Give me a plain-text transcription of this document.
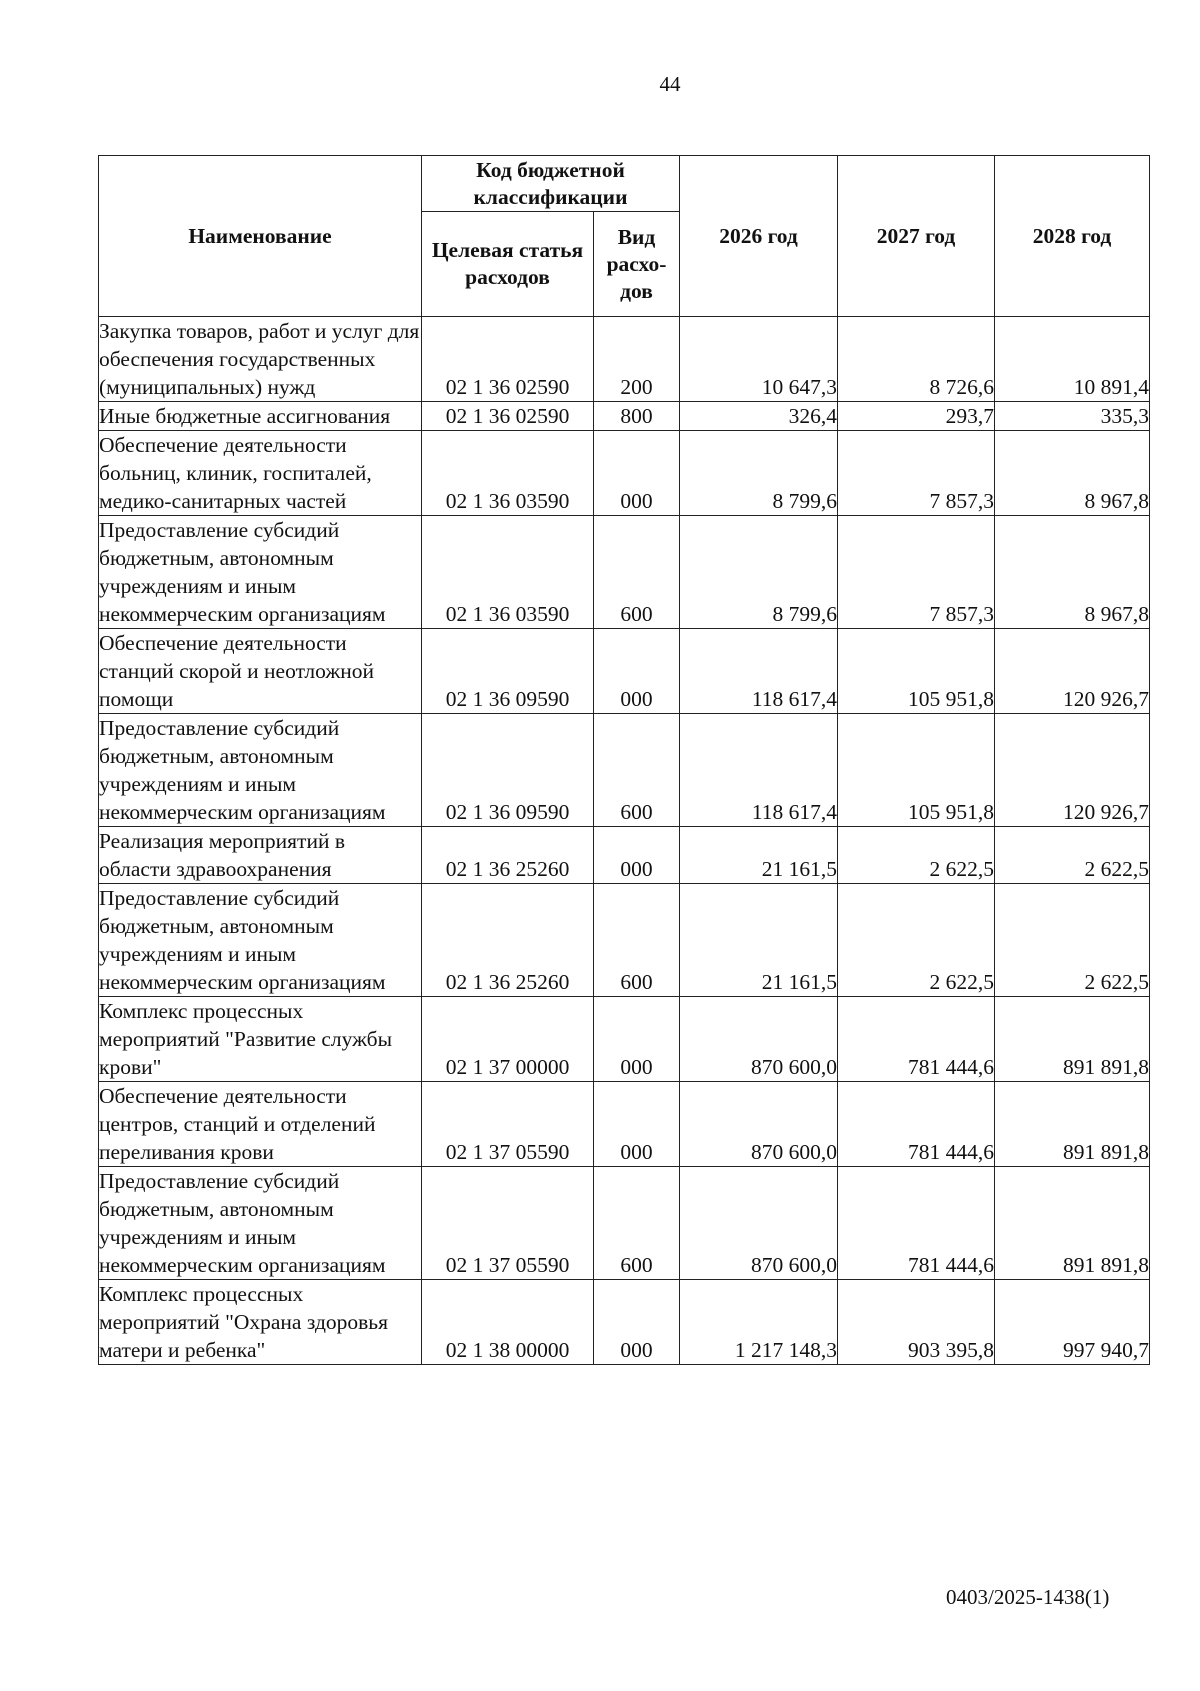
44
Наименование	Код бюджетной классификации		2026 год	2027 год	2028 год
	Целевая статья расходов	Вид расхо-дов			
Закупка товаров, работ и услуг для обеспечения государственных (муниципальных) нужд	02 1 36 02590	200	10 647,3	8 726,6	10 891,4
Иные бюджетные ассигнования	02 1 36 02590	800	326,4	293,7	335,3
Обеспечение деятельности больниц, клиник, госпиталей, медико-санитарных частей	02 1 36 03590	000	8 799,6	7 857,3	8 967,8
Предоставление субсидий бюджетным, автономным учреждениям и иным некоммерческим организациям	02 1 36 03590	600	8 799,6	7 857,3	8 967,8
Обеспечение деятельности станций скорой и неотложной помощи	02 1 36 09590	000	118 617,4	105 951,8	120 926,7
Предоставление субсидий бюджетным, автономным учреждениям и иным некоммерческим организациям	02 1 36 09590	600	118 617,4	105 951,8	120 926,7
Реализация мероприятий в области здравоохранения	02 1 36 25260	000	21 161,5	2 622,5	2 622,5
Предоставление субсидий бюджетным, автономным учреждениям и иным некоммерческим организациям	02 1 36 25260	600	21 161,5	2 622,5	2 622,5
Комплекс процессных мероприятий "Развитие службы крови"	02 1 37 00000	000	870 600,0	781 444,6	891 891,8
Обеспечение деятельности центров, станций и отделений переливания крови	02 1 37 05590	000	870 600,0	781 444,6	891 891,8
Предоставление субсидий бюджетным, автономным учреждениям и иным некоммерческим организациям	02 1 37 05590	600	870 600,0	781 444,6	891 891,8
Комплекс процессных мероприятий "Охрана здоровья матери и ребенка"	02 1 38 00000	000	1 217 148,3	903 395,8	997 940,7
0403/2025-1438(1)
